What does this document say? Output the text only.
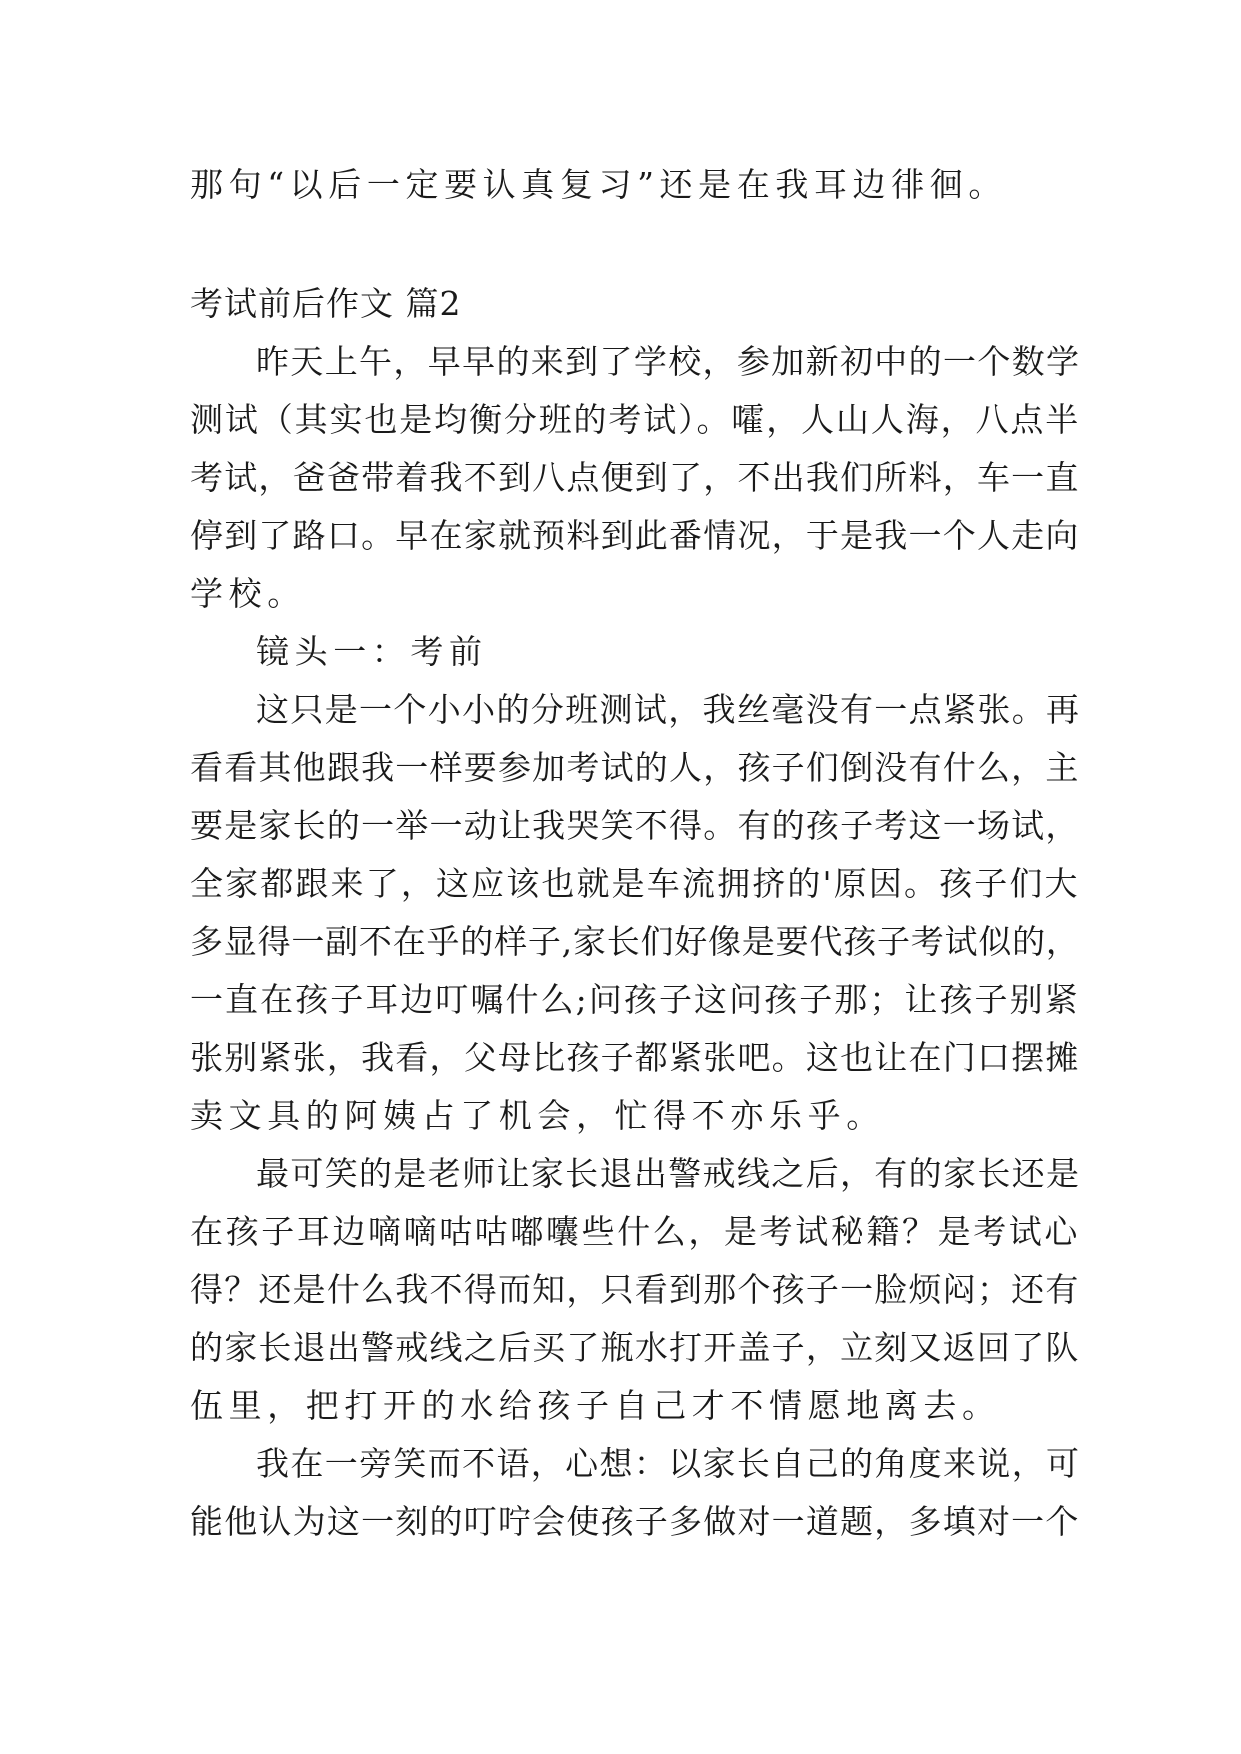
那句“以后一定要认真复习”还是在我耳边徘徊。
考试前后作文 篇2
昨天上午，早早的来到了学校，参加新初中的一个数学
测试（其实也是均衡分班的考试）。嚯，人山人海，八点半
考试，爸爸带着我不到八点便到了，不出我们所料，车一直
停到了路口。早在家就预料到此番情况，于是我一个人走向
学校。
镜头一：考前
这只是一个小小的分班测试，我丝毫没有一点紧张。再
看看其他跟我一样要参加考试的人，孩子们倒没有什么，主
要是家长的一举一动让我哭笑不得。有的孩子考这一场试，
全家都跟来了，这应该也就是车流拥挤的'原因。孩子们大
多显得一副不在乎的样子,家长们好像是要代孩子考试似的，
一直在孩子耳边叮嘱什么;问孩子这问孩子那；让孩子别紧
张别紧张，我看，父母比孩子都紧张吧。这也让在门口摆摊
卖文具的阿姨占了机会，忙得不亦乐乎。
最可笑的是老师让家长退出警戒线之后，有的家长还是
在孩子耳边嘀嘀咕咕嘟囔些什么，是考试秘籍？是考试心
得？还是什么我不得而知，只看到那个孩子一脸烦闷；还有
的家长退出警戒线之后买了瓶水打开盖子，立刻又返回了队
伍里，把打开的水给孩子自己才不情愿地离去。
我在一旁笑而不语，心想：以家长自己的角度来说，可
能他认为这一刻的叮咛会使孩子多做对一道题，多填对一个
